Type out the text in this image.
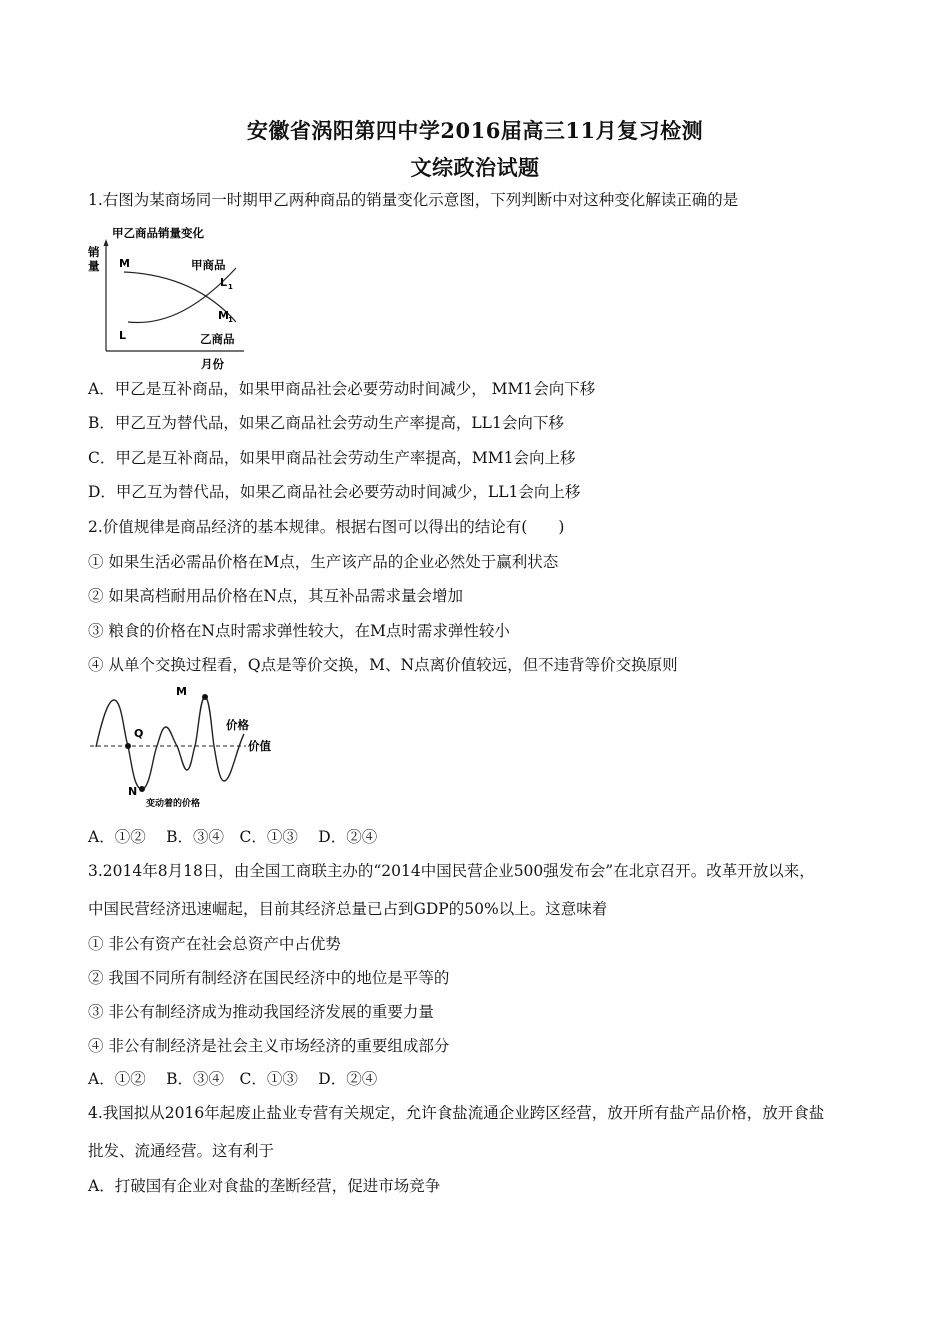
安徽省涡阳第四中学2016届高三11月复习检测
文综政治试题
1.右图为某商场同一时期甲乙两种商品的销量变化示意图，下列判断中对这种变化解读正确的是
甲乙商品销量变化
销
量 M
L
甲商品
L 1
M 1
乙商品
月份
A．甲乙是互补商品，如果甲商品社会必要劳动时间减少， MM1会向下移
B．甲乙互为替代品，如果乙商品社会劳动生产率提高，LL1会向下移
C．甲乙是互补商品，如果甲商品社会劳动生产率提高，MM1会向上移
D．甲乙互为替代品，如果乙商品社会必要劳动时间减少，LL1会向上移
2.价值规律是商品经济的基本规律。根据右图可以得出的结论有(　　)
① 如果生活必需品价格在M点，生产该产品的企业必然处于赢利状态
② 如果高档耐用品价格在N点，其互补品需求量会增加
③ 粮食的价格在N点时需求弹性较大，在M点时需求弹性较小
④ 从单个交换过程看，Q点是等价交换，M、N点离价值较远，但不违背等价交换原则
M
Q
N
价格
价值
变动着的价格
A．①②　 B．③④　C．①③　 D．②④
3.2014年8月18日，由全国工商联主办的“2014中国民营企业500强发布会”在北京召开。改革开放以来，
中国民营经济迅速崛起，目前其经济总量已占到GDP的50%以上。这意味着
① 非公有资产在社会总资产中占优势
② 我国不同所有制经济在国民经济中的地位是平等的
③ 非公有制经济成为推动我国经济发展的重要力量
④ 非公有制经济是社会主义市场经济的重要组成部分
A．①②　 B．③④　C．①③　 D．②④
4.我国拟从2016年起废止盐业专营有关规定，允许食盐流通企业跨区经营，放开所有盐产品价格，放开食盐
批发、流通经营。这有利于
A．打破国有企业对食盐的垄断经营，促进市场竞争
